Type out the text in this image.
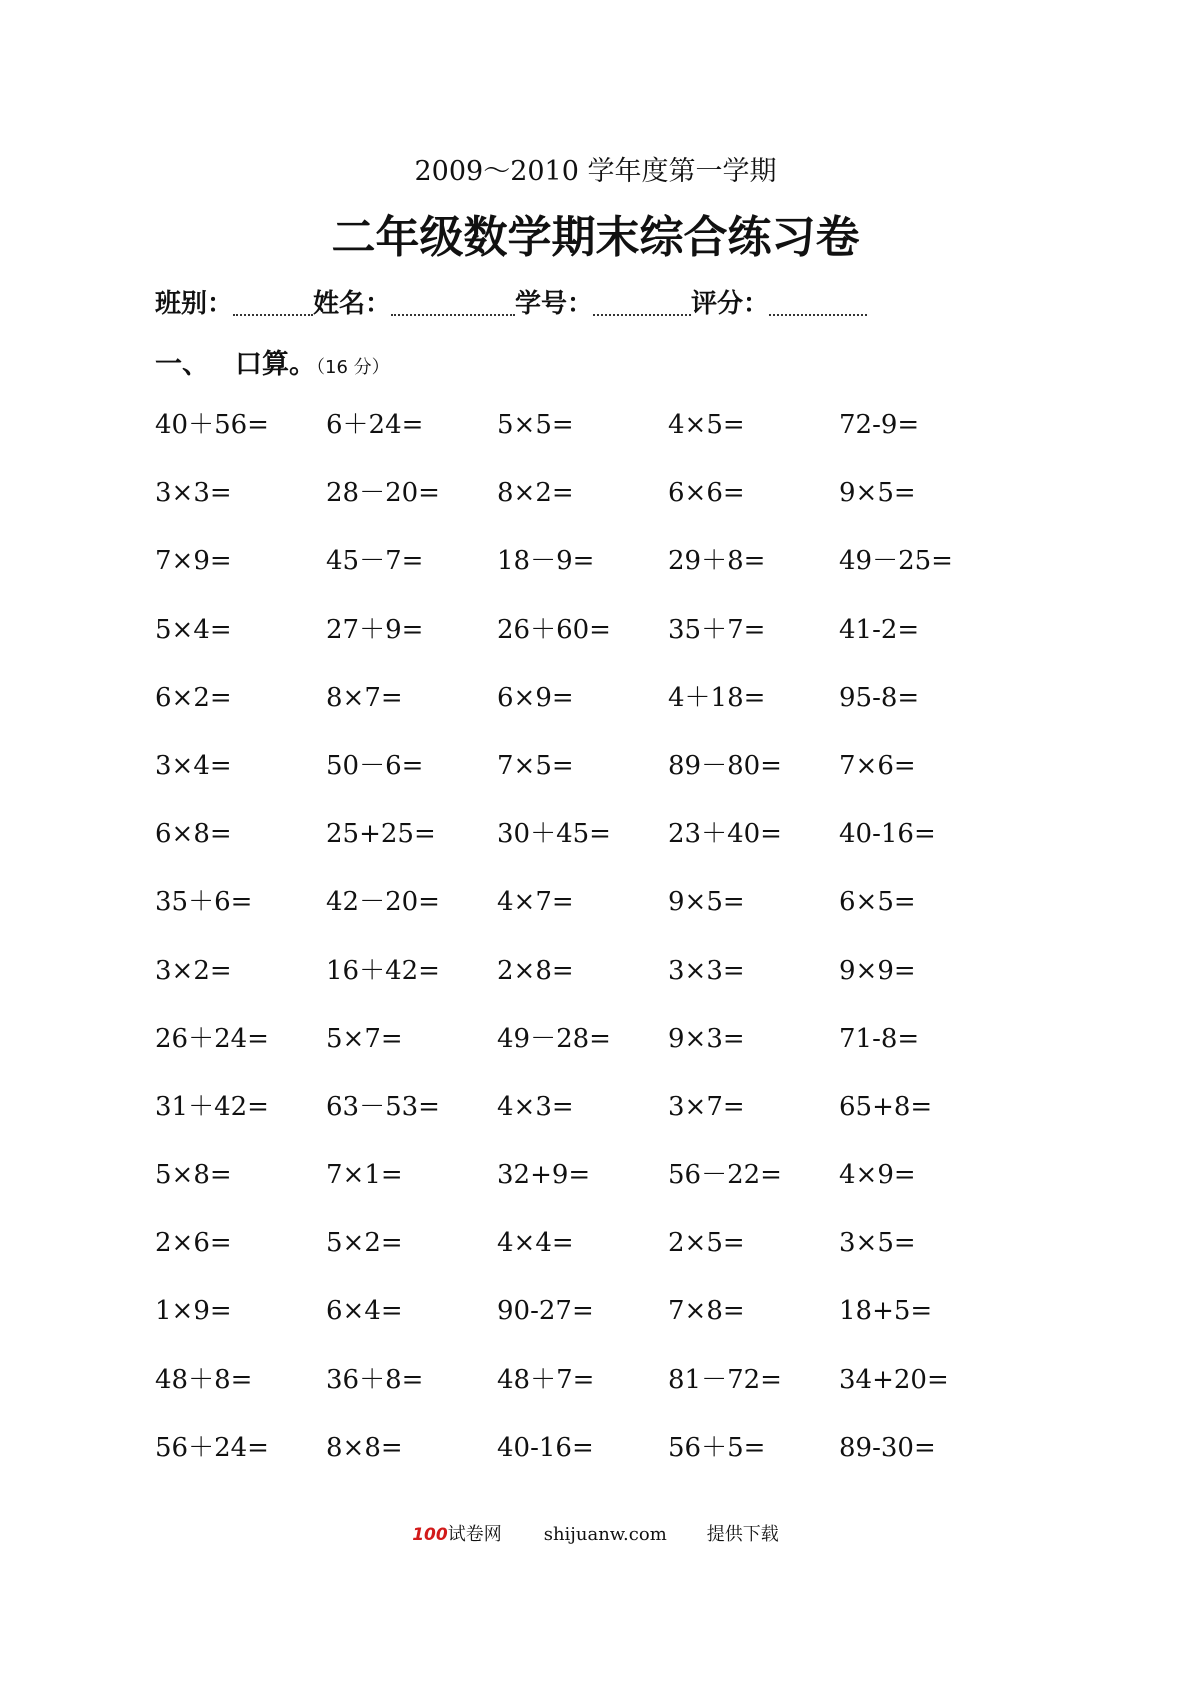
2009～2010 学年度第一学期
二年级数学期末综合练习卷
班别：	姓名：	学号：	评分：
一、 口算。（16 分）
40＋56=	6＋24=	5×5=	4×5=	72-9=
3×3=	28－20=	8×2=	6×6=	9×5=
7×9=	45－7=	18－9=	29＋8=	49－25=
5×4=	27＋9=	26＋60=	35＋7=	41-2=
6×2=	8×7=	6×9=	4＋18=	95-8=
3×4=	50－6=	7×5=	89－80=	7×6=
6×8=	25+25=	30＋45=	23＋40=	40-16=
35＋6=	42－20=	4×7=	9×5=	6×5=
3×2=	16＋42=	2×8=	3×3=	9×9=
26＋24=	5×7=	49－28=	9×3=	71-8=
31＋42=	63－53=	4×3=	3×7=	65+8=
5×8=	7×1=	32+9=	56－22=	4×9=
2×6=	5×2=	4×4=	2×5=	3×5=
1×9=	6×4=	90-27=	7×8=	18+5=
48＋8=	36＋8=	48＋7=	81－72=	34+20=
56＋24=	8×8=	40-16=	56＋5=	89-30=
100 试卷网 shijuanw.com 提供下载
